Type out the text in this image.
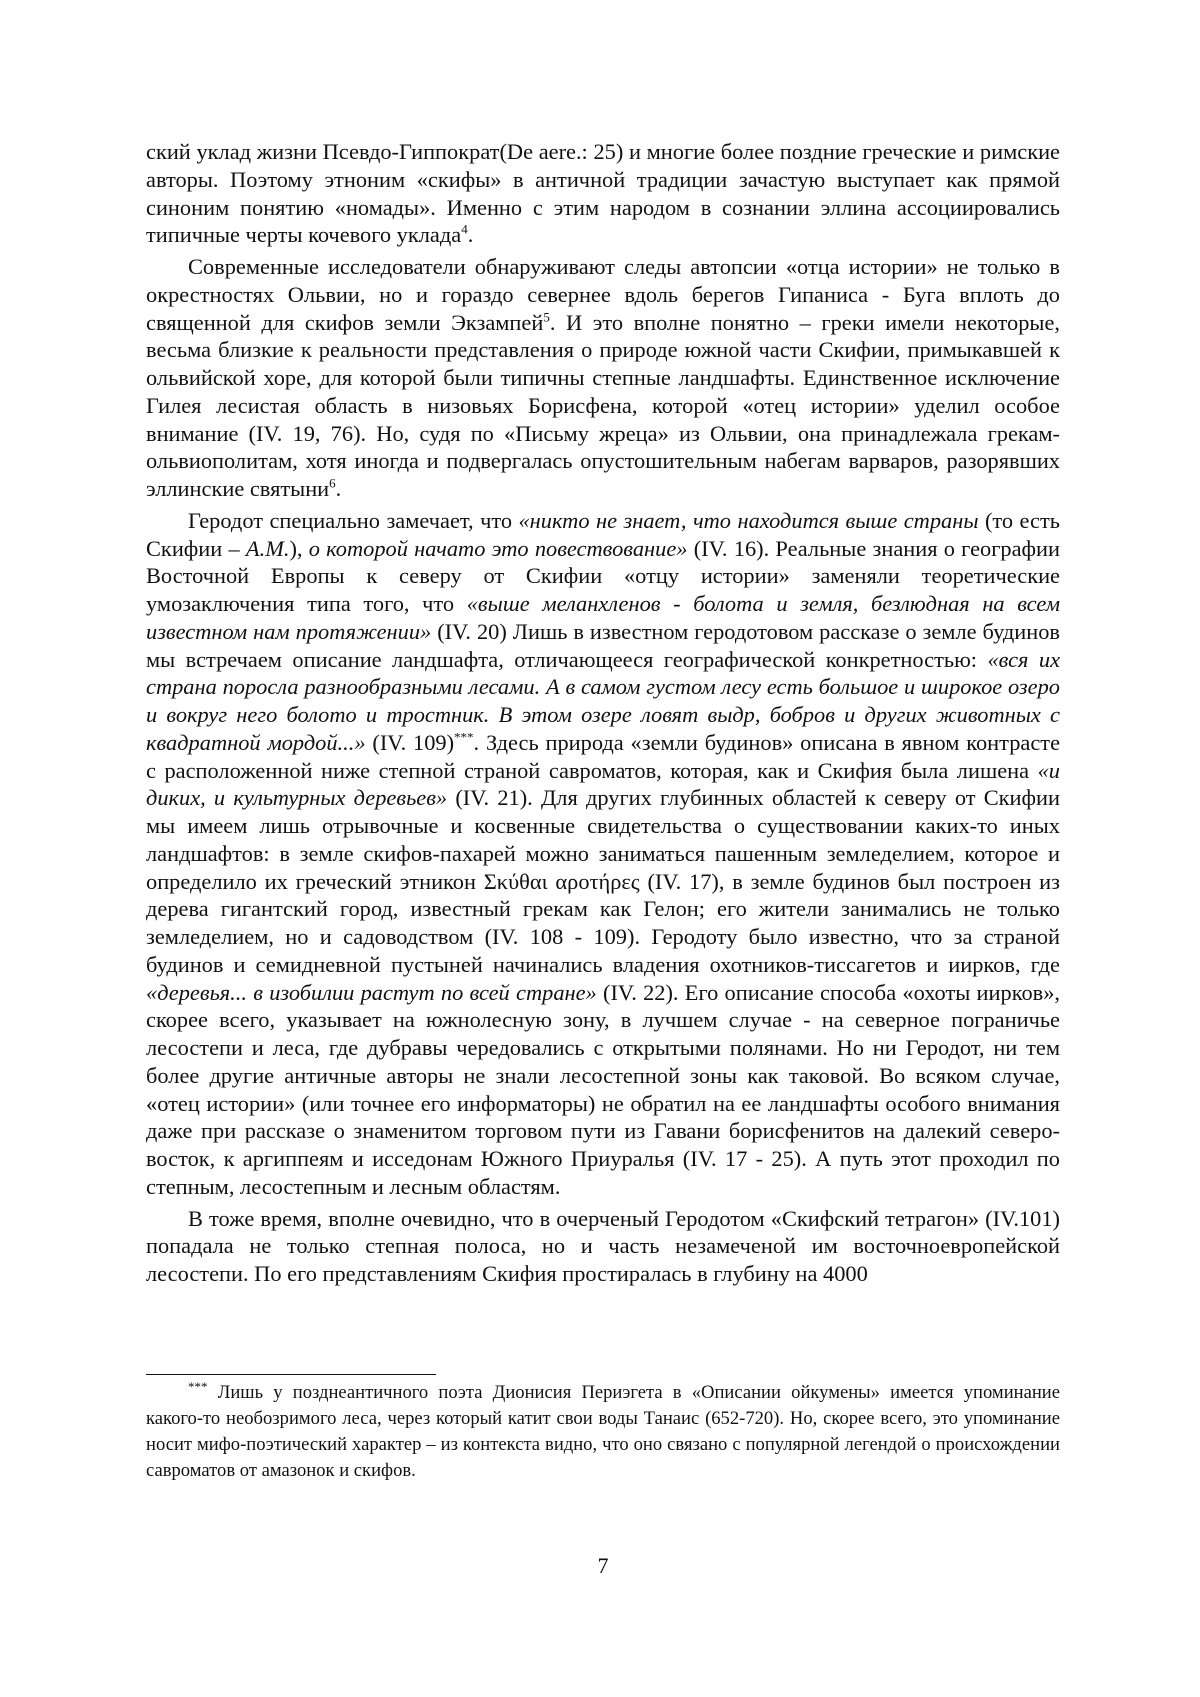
ский уклад жизни Псевдо-Гиппократ(De aere.: 25) и многие более поздние греческие и римские авторы. Поэтому этноним «скифы» в античной традиции зачастую выступает как прямой синоним понятию «номады». Именно с этим народом в сознании эллина ассоциировались типичные черты кочевого уклада$^4$.

Современные исследователи обнаруживают следы автопсии «отца истории» не только в окрестностях Ольвии, но и гораздо севернее вдоль берегов Гипаниса - Буга вплоть до священной для скифов земли Экзампей$^5$. И это вполне понятно – греки имели некоторые, весьма близкие к реальности представления о природе южной части Скифии, примыкавшей к ольвийской хоре, для которой были типичны степные ландшафты. Единственное исключение Гилея лесистая область в низовьях Борисфена, которой «отец истории» уделил особое внимание (IV. 19, 76). Но, судя по «Письму жреца» из Ольвии, она принадлежала грекам-ольвиополитам, хотя иногда и подвергалась опустошительным набегам варваров, разорявших эллинские святыни$^6$.

Геродот специально замечает, что «никто не знает, что находится выше страны (то есть Скифии – А.М.), о которой начато это повествование» (IV. 16). Реальные знания о географии Восточной Европы к северу от Скифии «отцу истории» заменяли теоретические умозаключения типа того, что «выше меланхленов - болота и земля, безлюдная на всем известном нам протяжении» (IV. 20) Лишь в известном геродотовом рассказе о земле будинов мы встречаем описание ландшафта, отличающееся географической конкретностью: «вся их страна поросла разнообразными лесами. А в самом густом лесу есть большое и широкое озеро и вокруг него болото и тростник. В этом озере ловят выдр, бобров и других животных с квадратной мордой...» (IV. 109)***. Здесь природа «земли будинов» описана в явном контрасте с расположенной ниже степной страной савроматов, которая, как и Скифия была лишена «и диких, и культурных деревьев» (IV. 21). Для других глубинных областей к северу от Скифии мы имеем лишь отрывочные и косвенные свидетельства о существовании каких-то иных ландшафтов: в земле скифов-пахарей можно заниматься пашенным земледелием, которое и определило их греческий этникон Σκύθαι αροτήρες (IV. 17), в земле будинов был построен из дерева гигантский город, известный грекам как Гелон; его жители занимались не только земледелием, но и садоводством (IV. 108 - 109). Геродоту было известно, что за страной будинов и семидневной пустыней начинались владения охотников-тиссагетов и иирков, где «деревья... в изобилии растут по всей стране» (IV. 22). Его описание способа «охоты иирков», скорее всего, указывает на южнолесную зону, в лучшем случае - на северное пограничье лесостепи и леса, где дубравы чередовались с открытыми полянами. Но ни Геродот, ни тем более другие античные авторы не знали лесостепной зоны как таковой. Во всяком случае, «отец истории» (или точнее его информаторы) не обратил на ее ландшафты особого внимания даже при рассказе о знаменитом торговом пути из Гавани борисфенитов на далекий северо-восток, к аргиппеям и исседонам Южного Приуралья (IV. 17 - 25). А путь этот проходил по степным, лесостепным и лесным областям.

В тоже время, вполне очевидно, что в очерченый Геродотом «Скифский тетрагон» (IV.101) попадала не только степная полоса, но и часть незамеченой им восточноевропейской лесостепи. По его представлениям Скифия простиралась в глубину на 4000

*** Лишь у позднеантичного поэта Дионисия Периэгета в «Описании ойкумены» имеется упоминание какого-то необозримого леса, через который катит свои воды Танаис (652-720). Но, скорее всего, это упоминание носит мифо-поэтический характер – из контекста видно, что оно связано с популярной легендой о происхождении савроматов от амазонок и скифов.
7
